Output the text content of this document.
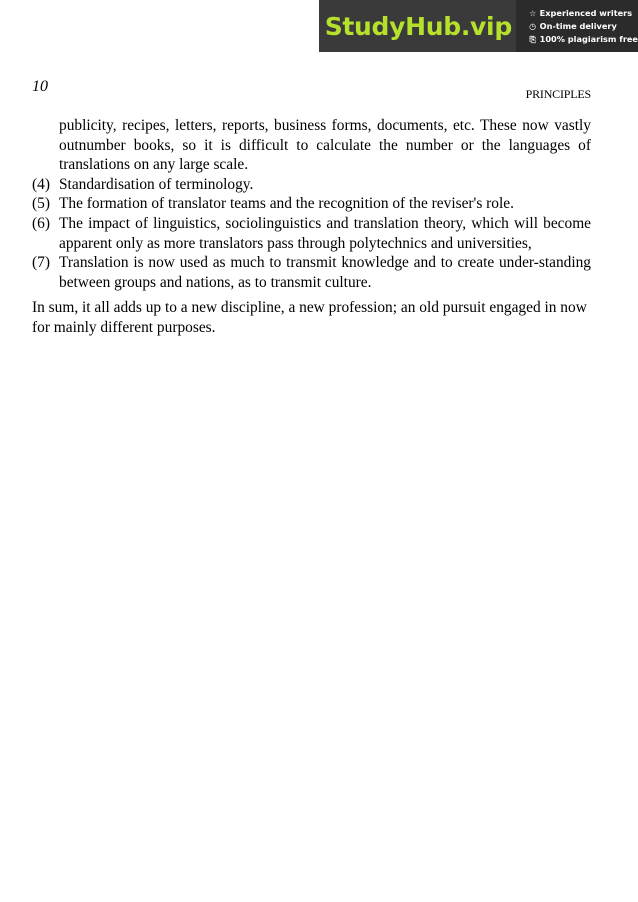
StudyHub.vip ☆ Experienced writers
◷ On-time delivery
⎘ 100% plagiarism free
10	PRINCIPLES
publicity, recipes, letters, reports, business forms, documents, etc. These now vastly outnumber books, so it is difficult to calculate the number or the languages of translations on any large scale.
(4) Standardisation of terminology.
(5) The formation of translator teams and the recognition of the reviser's role.
(6) The impact of linguistics, sociolinguistics and translation theory, which will become apparent only as more translators pass through polytechnics and universities,
(7) Translation is now used as much to transmit knowledge and to create under-standing between groups and nations, as to transmit culture.
In sum, it all adds up to a new discipline, a new profession; an old pursuit engaged in now for mainly different purposes.
